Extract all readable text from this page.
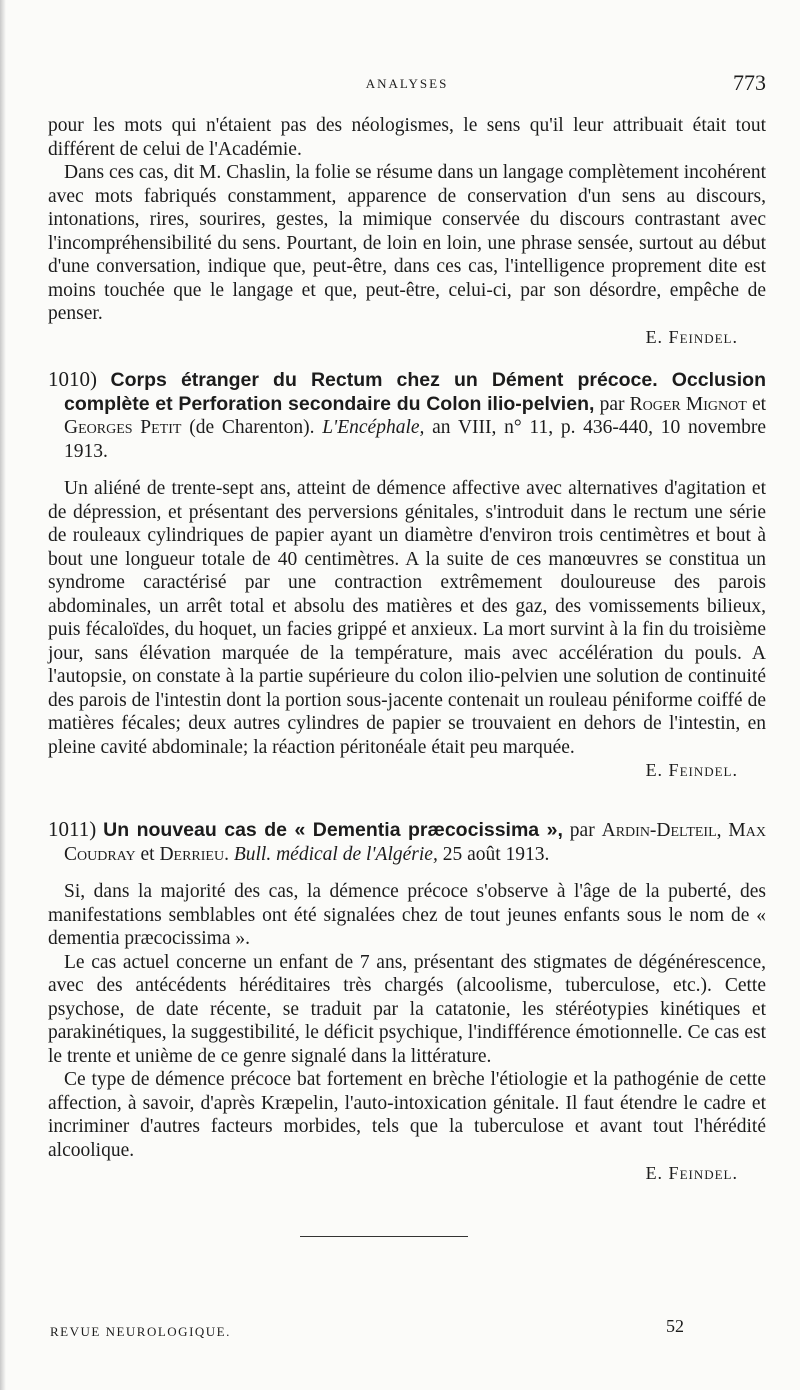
ANALYSES	773

pour les mots qui n'étaient pas des néologismes, le sens qu'il leur attribuait était tout différent de celui de l'Académie.

Dans ces cas, dit M. Chaslin, la folie se résume dans un langage complètement incohérent avec mots fabriqués constamment, apparence de conservation d'un sens au discours, intonations, rires, sourires, gestes, la mimique conservée du discours contrastant avec l'incompréhensibilité du sens. Pourtant, de loin en loin, une phrase sensée, surtout au début d'une conversation, indique que, peut-être, dans ces cas, l'intelligence proprement dite est moins touchée que le langage et que, peut-être, celui-ci, par son désordre, empêche de penser.

E. Feindel.

1010) Corps étranger du Rectum chez un Dément précoce. Occlusion complète et Perforation secondaire du Colon ilio-pelvien, par Roger Mignot et Georges Petit (de Charenton). L'Encéphale, an VIII, n° 11, p. 436-440, 10 novembre 1913.

Un aliéné de trente-sept ans, atteint de démence affective avec alternatives d'agitation et de dépression, et présentant des perversions génitales, s'introduit dans le rectum une série de rouleaux cylindriques de papier ayant un diamètre d'environ trois centimètres et bout à bout une longueur totale de 40 centimètres. A la suite de ces manœuvres se constitua un syndrome caractérisé par une contraction extrêmement douloureuse des parois abdominales, un arrêt total et absolu des matières et des gaz, des vomissements bilieux, puis fécaloïdes, du hoquet, un facies grippé et anxieux. La mort survint à la fin du troisième jour, sans élévation marquée de la température, mais avec accélération du pouls. A l'autopsie, on constate à la partie supérieure du colon ilio-pelvien une solution de continuité des parois de l'intestin dont la portion sous-jacente contenait un rouleau péniforme coiffé de matières fécales; deux autres cylindres de papier se trouvaient en dehors de l'intestin, en pleine cavité abdominale; la réaction péritonéale était peu marquée.

E. Feindel.

1011) Un nouveau cas de « Dementia præcocissima », par Ardin-Delteil, Max Coudray et Derrieu. Bull. médical de l'Algérie, 25 août 1913.

Si, dans la majorité des cas, la démence précoce s'observe à l'âge de la puberté, des manifestations semblables ont été signalées chez de tout jeunes enfants sous le nom de « dementia præcocissima ».

Le cas actuel concerne un enfant de 7 ans, présentant des stigmates de dégénérescence, avec des antécédents héréditaires très chargés (alcoolisme, tuberculose, etc.). Cette psychose, de date récente, se traduit par la catatonie, les stéréotypies kinétiques et parakinétiques, la suggestibilité, le déficit psychique, l'indifférence émotionnelle. Ce cas est le trente et unième de ce genre signalé dans la littérature.

Ce type de démence précoce bat fortement en brèche l'étiologie et la pathogénie de cette affection, à savoir, d'après Kræpelin, l'auto-intoxication génitale. Il faut étendre le cadre et incriminer d'autres facteurs morbides, tels que la tuberculose et avant tout l'hérédité alcoolique.

E. Feindel.

REVUE NEUROLOGIQUE.	52
